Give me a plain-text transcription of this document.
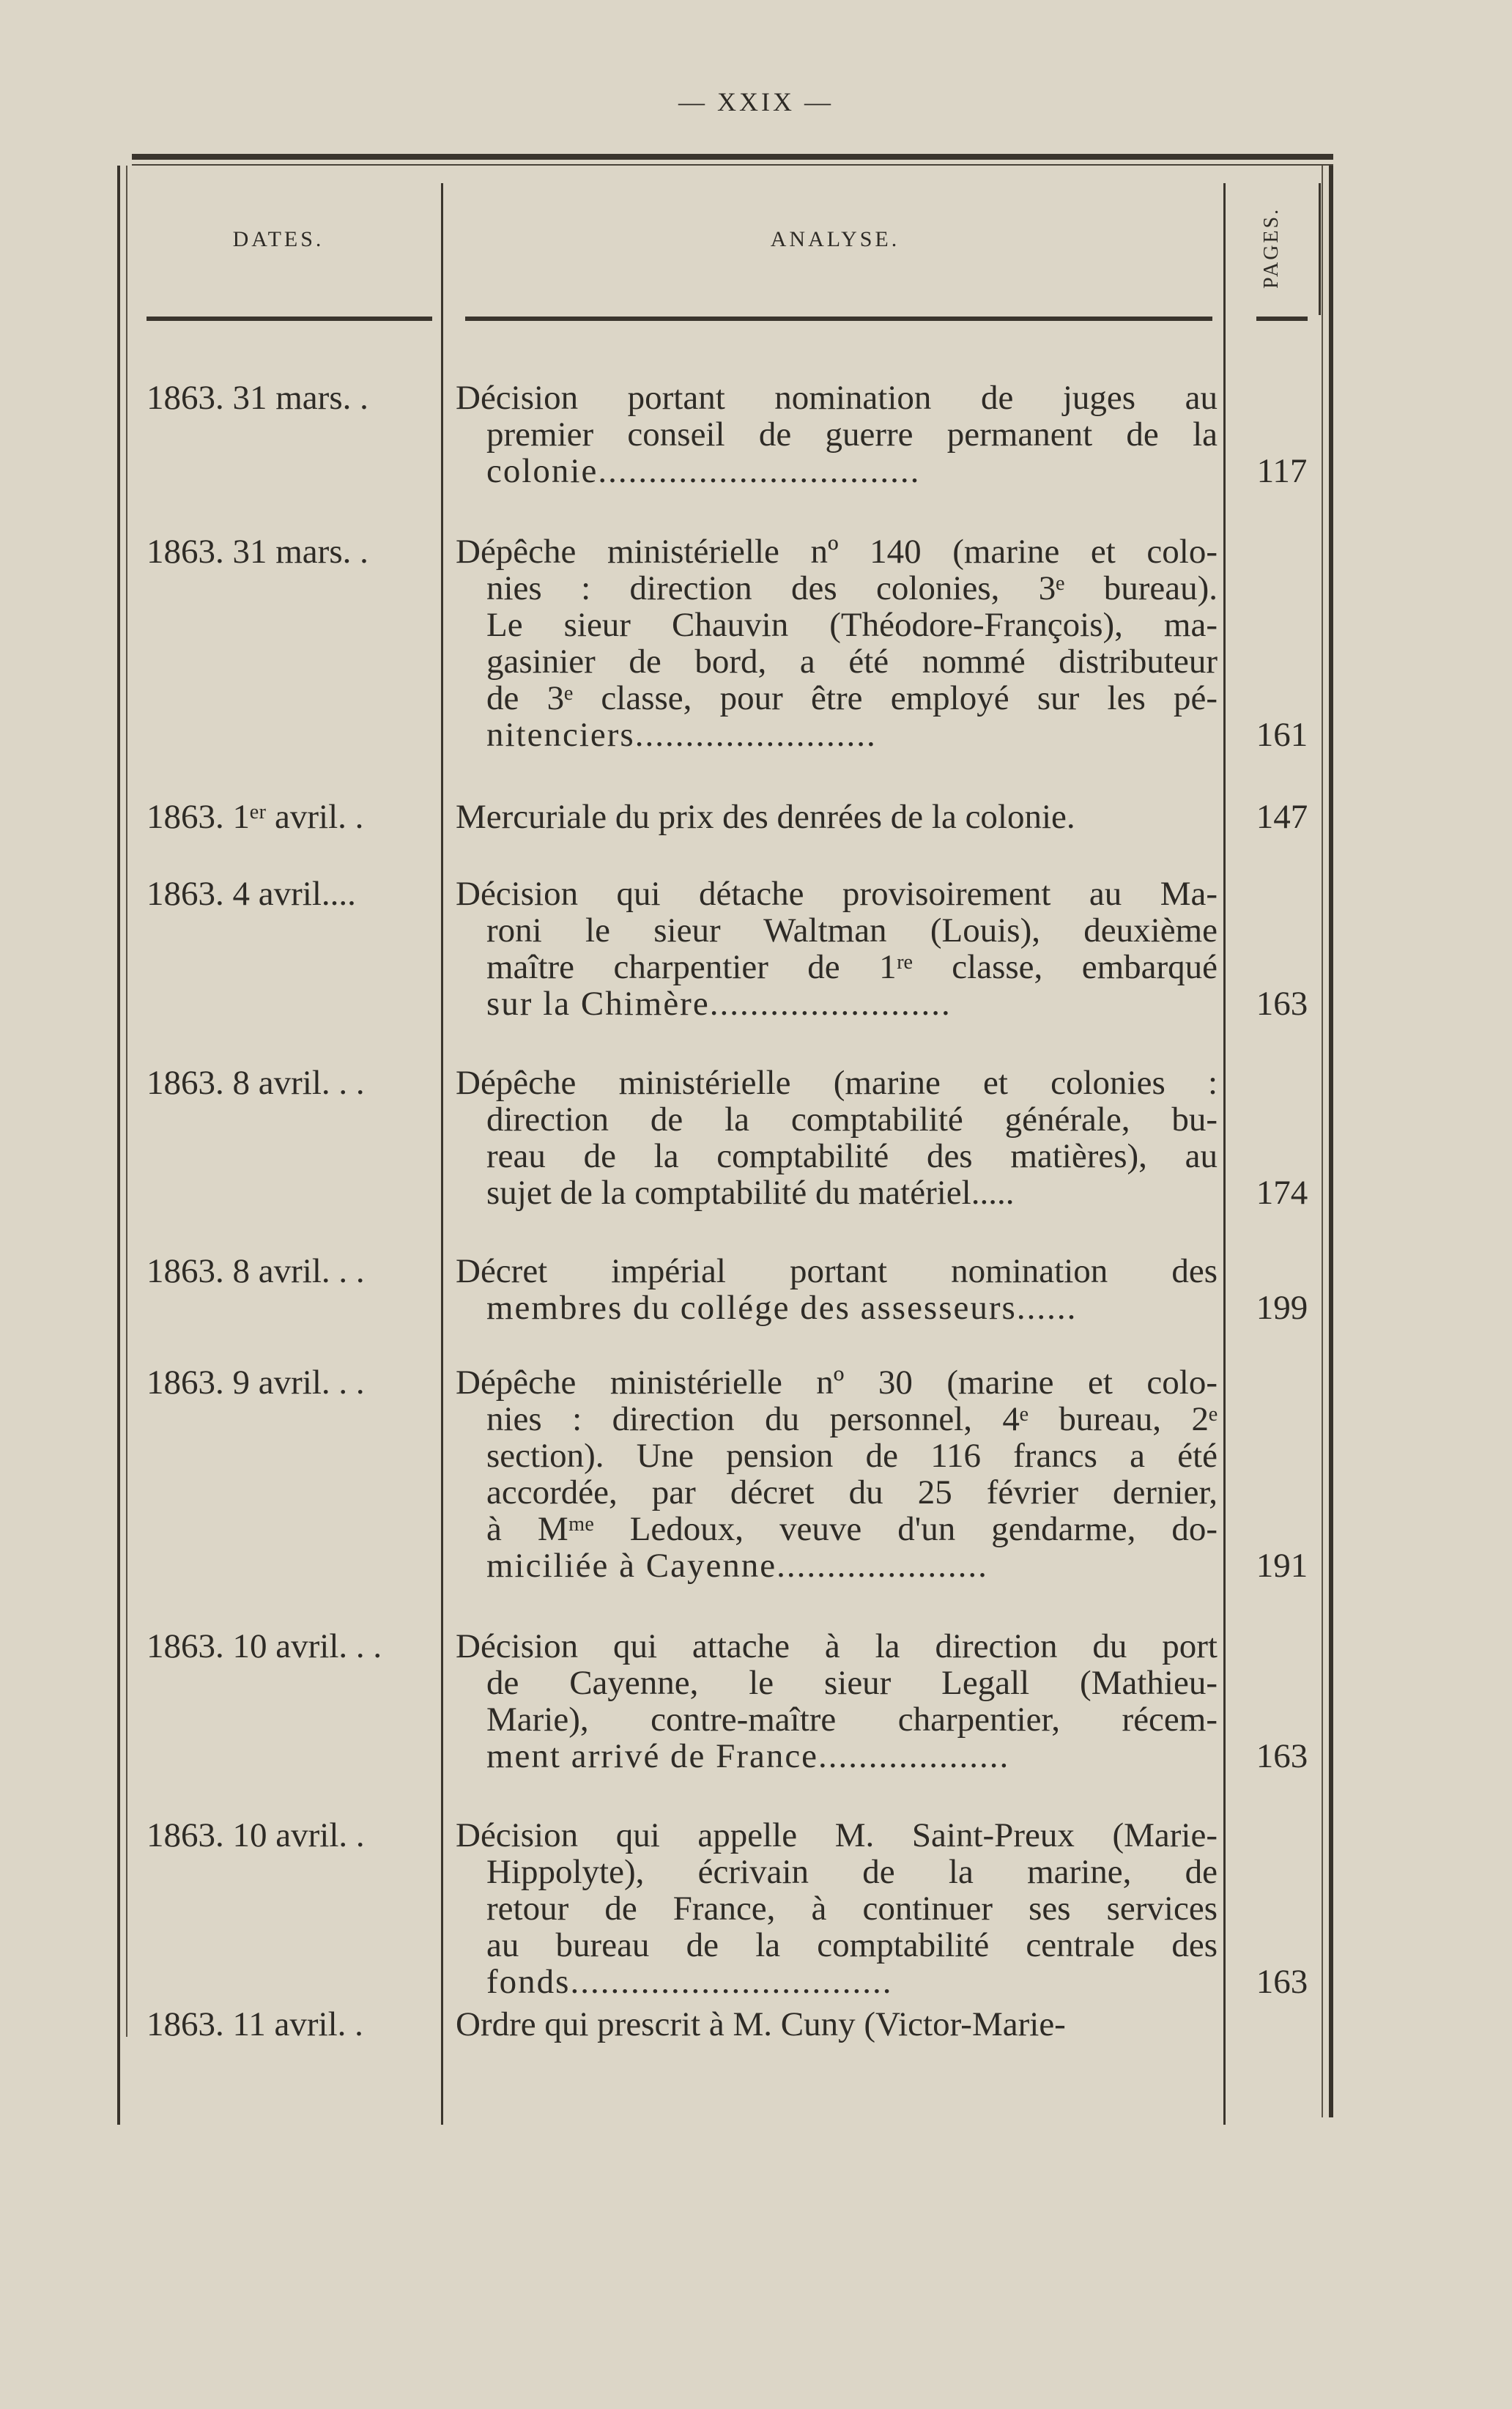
— XXIX —
DATES.	ANALYSE.	PAGES.
1863. 31 mars. .	Décision portant nomination de juges au

premier conseil de guerre permanent de la

colonie................................	117
1863. 31 mars. .	Dépêche ministérielle nº 140 (marine et colo-

nies : direction des colonies, 3ᵉ bureau).

Le sieur Chauvin (Théodore-François), ma-

gasinier de bord, a été nommé distributeur

de 3ᵉ classe, pour être employé sur les pé-

nitenciers........................	161
1863. 1ᵉʳ avril. .	Mercuriale du prix des denrées de la colonie.	147
1863. 4 avril....	Décision qui détache provisoirement au Ma-

roni le sieur Waltman (Louis), deuxième

maître charpentier de 1ʳᵉ classe, embarqué

sur la Chimère........................	163
1863. 8 avril. . .	Dépêche ministérielle (marine et colonies :

direction de la comptabilité générale, bu-

reau de la comptabilité des matières), au

sujet de la comptabilité du matériel.....	174
1863. 8 avril. . .	Décret impérial portant nomination des

membres du collége des assesseurs......	199
1863. 9 avril. . .	Dépêche ministérielle nº 30 (marine et colo-

nies : direction du personnel, 4ᵉ bureau, 2ᵉ

section). Une pension de 116 francs a été

accordée, par décret du 25 février dernier,

à Mᵐᵉ Ledoux, veuve d'un gendarme, do-

miciliée à Cayenne.....................	191
1863. 10 avril. . .	Décision qui attache à la direction du port

de Cayenne, le sieur Legall (Mathieu-

Marie), contre-maître charpentier, récem-

ment arrivé de France...................	163
1863. 10 avril. .	Décision qui appelle M. Saint-Preux (Marie-

Hippolyte), écrivain de la marine, de

retour de France, à continuer ses services

au bureau de la comptabilité centrale des

fonds................................	163
1863. 11 avril. .	Ordre qui prescrit à M. Cuny (Victor-Marie-
